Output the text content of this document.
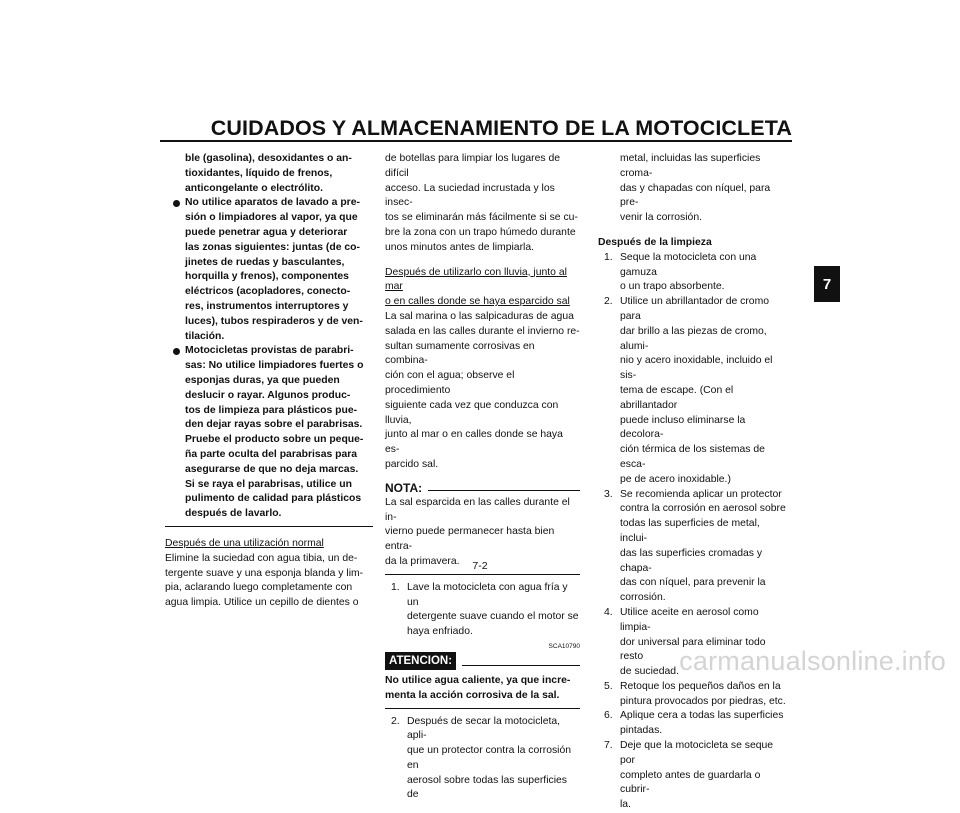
CUIDADOS Y ALMACENAMIENTO DE LA MOTOCICLETA
ble (gasolina), desoxidantes o an-
tioxidantes, líquido de frenos,
anticongelante o electrólito.
No utilice aparatos de lavado a pre-
sión o limpiadores al vapor, ya que
puede penetrar agua y deteriorar
las zonas siguientes: juntas (de co-
jinetes de ruedas y basculantes,
horquilla y frenos), componentes
eléctricos (acopladores, conecto-
res, instrumentos interruptores y
luces), tubos respiraderos y de ven-
tilación.
Motocicletas provistas de parabri-
sas: No utilice limpiadores fuertes o
esponjas duras, ya que pueden
deslucir o rayar. Algunos produc-
tos de limpieza para plásticos pue-
den dejar rayas sobre el parabrisas.
Pruebe el producto sobre un peque-
ña parte oculta del parabrisas para
asegurarse de que no deja marcas.
Si se raya el parabrisas, utilice un
pulimento de calidad para plásticos
después de lavarlo.
Después de una utilización normal
Elimine la suciedad con agua tibia, un de-
tergente suave y una esponja blanda y lim-
pia, aclarando luego completamente con
agua limpia. Utilice un cepillo de dientes o
de botellas para limpiar los lugares de difícil
acceso. La suciedad incrustada y los insec-
tos se eliminarán más fácilmente si se cu-
bre la zona con un trapo húmedo durante
unos minutos antes de limpiarla.
Después de utilizarlo con lluvia, junto al mar
o en calles donde se haya esparcido sal
La sal marina o las salpicaduras de agua
salada en las calles durante el invierno re-
sultan sumamente corrosivas en combina-
ción con el agua; observe el procedimiento
siguiente cada vez que conduzca con lluvia,
junto al mar o en calles donde se haya es-
parcido sal.
NOTA:
La sal esparcida en las calles durante el in-
vierno puede permanecer hasta bien entra-
da la primavera.
1. Lave la motocicleta con agua fría y un
detergente suave cuando el motor se
haya enfriado.
SCA10790
ATENCION:
No utilice agua caliente, ya que incre-
menta la acción corrosiva de la sal.
2. Después de secar la motocicleta, apli-
que un protector contra la corrosión en
aerosol sobre todas las superficies de
metal, incluidas las superficies croma-
das y chapadas con níquel, para pre-
venir la corrosión.
Después de la limpieza
1. Seque la motocicleta con una gamuza
o un trapo absorbente.
2. Utilice un abrillantador de cromo para
dar brillo a las piezas de cromo, alumi-
nio y acero inoxidable, incluido el sis-
tema de escape. (Con el abrillantador
puede incluso eliminarse la decolora-
ción térmica de los sistemas de esca-
pe de acero inoxidable.)
3. Se recomienda aplicar un protector
contra la corrosión en aerosol sobre
todas las superficies de metal, inclui-
das las superficies cromadas y chapa-
das con níquel, para prevenir la
corrosión.
4. Utilice aceite en aerosol como limpia-
dor universal para eliminar todo resto
de suciedad.
5. Retoque los pequeños daños en la
pintura provocados por piedras, etc.
6. Aplique cera a todas las superficies
pintadas.
7. Deje que la motocicleta se seque por
completo antes de guardarla o cubrir-
la.
7
7-2
carmanualsonline.info
